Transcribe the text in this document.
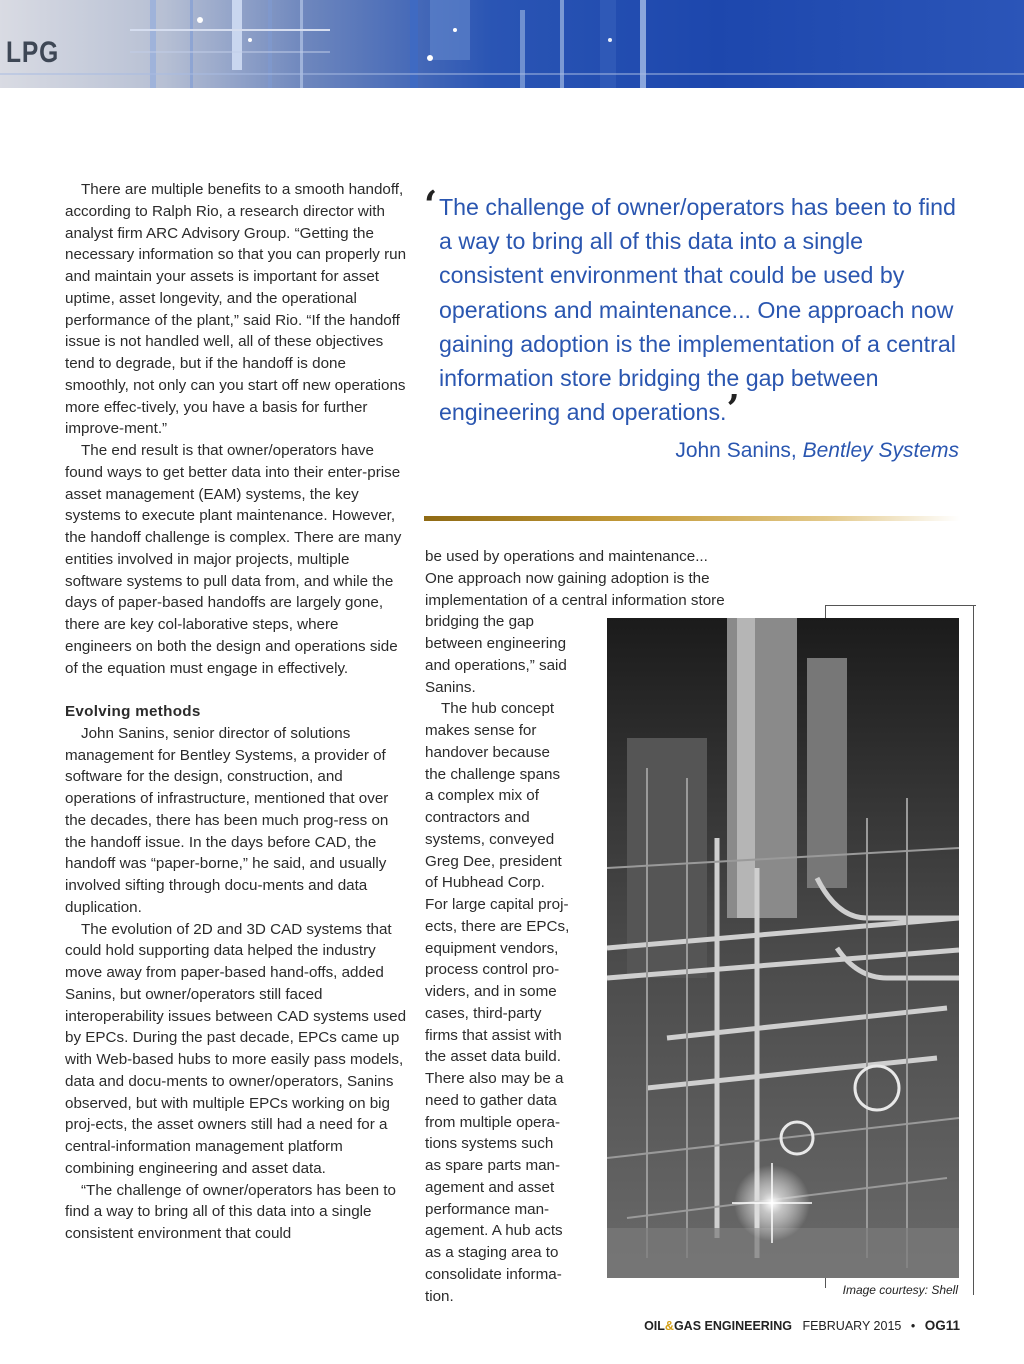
LPG

There are multiple benefits to a smooth handoff, according to Ralph Rio, a research director with analyst firm ARC Advisory Group. “Getting the necessary information so that you can properly run and maintain your assets is important for asset uptime, asset longevity, and the operational performance of the plant,” said Rio. “If the handoff issue is not handled well, all of these objectives tend to degrade, but if the handoff is done smoothly, not only can you start off new operations more effec-tively, you have a basis for further improve-ment.”

The end result is that owner/operators have found ways to get better data into their enter-prise asset management (EAM) systems, the key systems to execute plant maintenance. However, the handoff challenge is complex. There are many entities involved in major projects, multiple software systems to pull data from, and while the days of paper-based handoffs are largely gone, there are key col-laborative steps, where engineers on both the design and operations side of the equation must engage in effectively.

Evolving methods

John Sanins, senior director of solutions management for Bentley Systems, a provider of software for the design, construction, and operations of infrastructure, mentioned that over the decades, there has been much prog-ress on the handoff issue. In the days before CAD, the handoff was “paper-borne,” he said, and usually involved sifting through docu-ments and data duplication.

The evolution of 2D and 3D CAD systems that could hold supporting data helped the industry move away from paper-based hand-offs, added Sanins, but owner/operators still faced interoperability issues between CAD systems used by EPCs. During the past decade, EPCs came up with Web-based hubs to more easily pass models, data and docu-ments to owner/operators, Sanins observed, but with multiple EPCs working on big proj-ects, the asset owners still had a need for a central-information management platform combining engineering and asset data.

“The challenge of owner/operators has been to find a way to bring all of this data into a single consistent environment that could

‘ The challenge of owner/operators has been to find a way to bring all of this data into a single consistent environment that could be used by operations and maintenance... One approach now gaining adoption is the implementation of a central information store bridging the gap between engineering and operations.’
John Sanins, Bentley Systems
be used by operations and maintenance...
One approach now gaining adoption is the
implementation of a central information store
bridging the gap
between engineering
and operations,” said
Sanins.
The hub concept
makes sense for
handover because
the challenge spans
a complex mix of
contractors and
systems, conveyed
Greg Dee, president
of Hubhead Corp.
For large capital proj-
ects, there are EPCs,
equipment vendors,
process control pro-
viders, and in some
cases, third-party
firms that assist with
the asset data build.
There also may be a
need to gather data
from multiple opera-
tions systems such
as spare parts man-
agement and asset
performance man-
agement. A hub acts
as a staging area to
consolidate informa-
tion.	Image courtesy: Shell
OIL&GAS ENGINEERING FEBRUARY 2015 • OG11
